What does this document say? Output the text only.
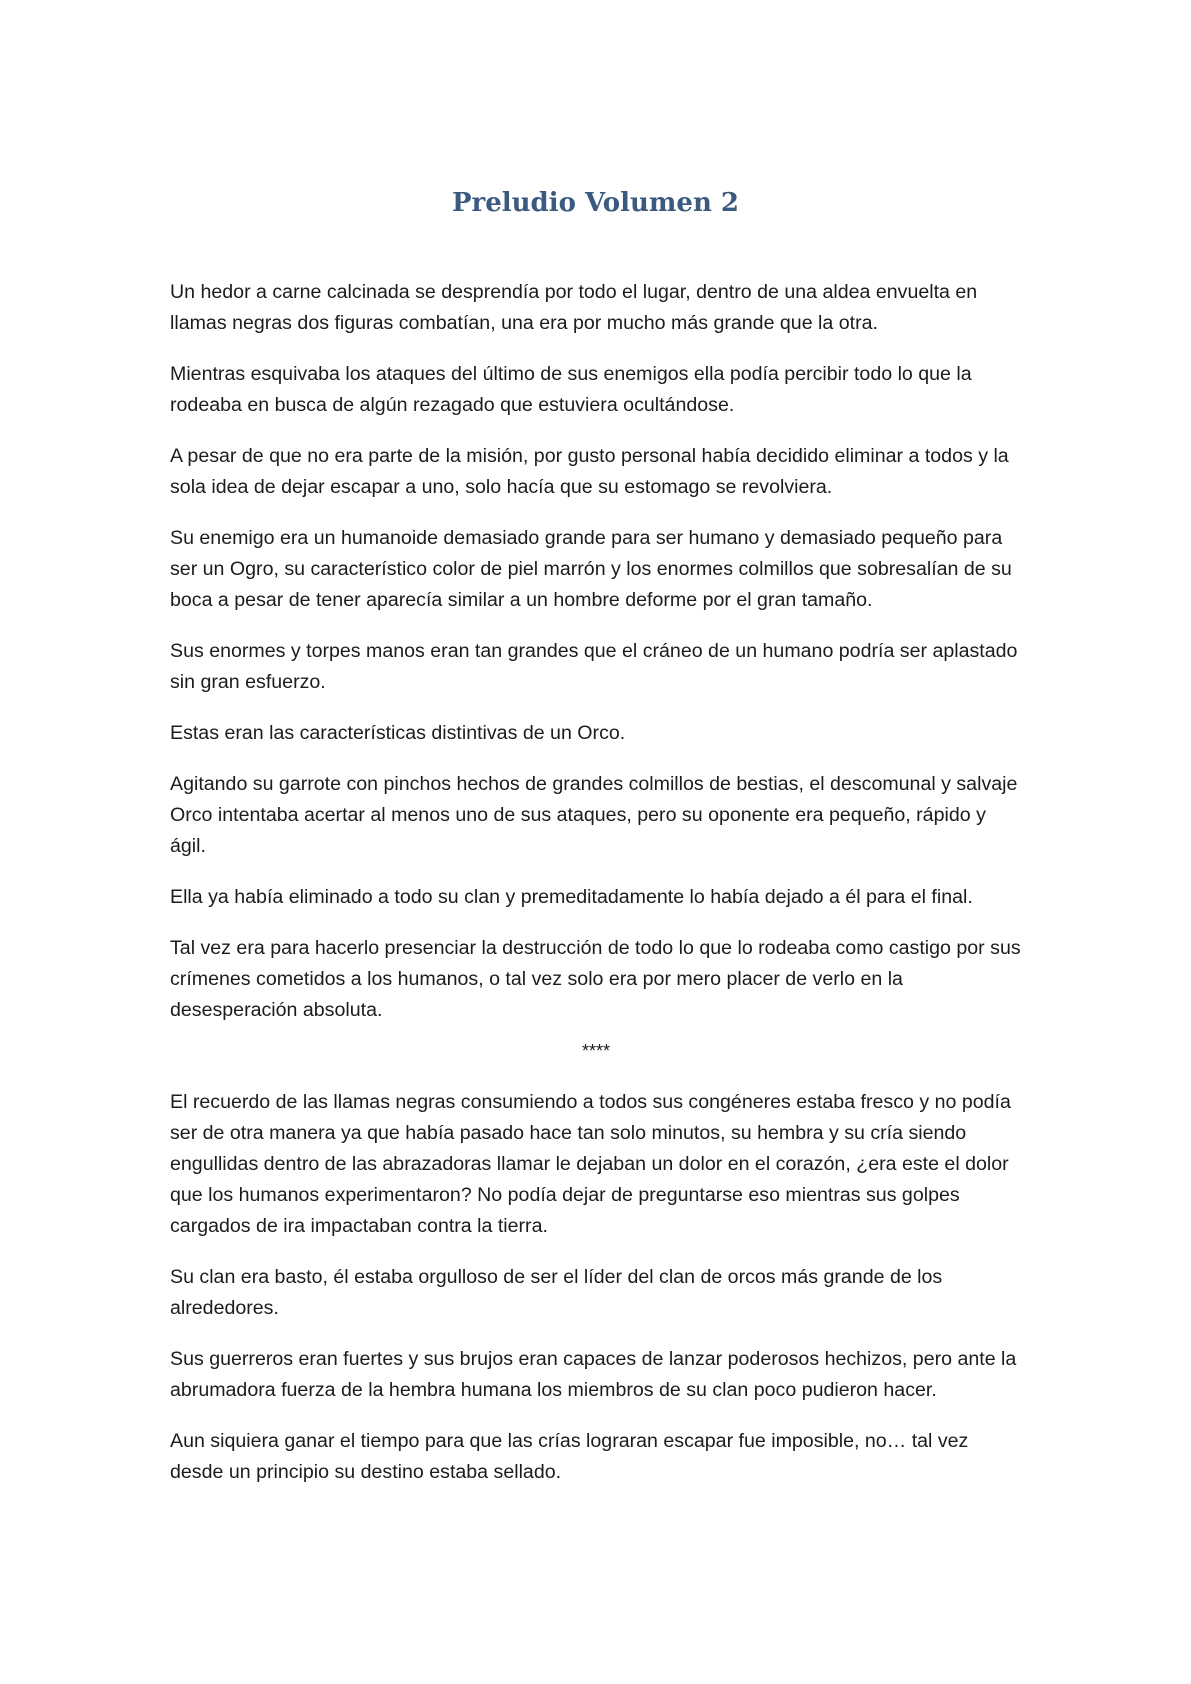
Preludio Volumen 2

Un hedor a carne calcinada se desprendía por todo el lugar, dentro de una aldea envuelta en llamas negras dos figuras combatían, una era por mucho más grande que la otra.

Mientras esquivaba los ataques del último de sus enemigos ella podía percibir todo lo que la rodeaba en busca de algún rezagado que estuviera ocultándose.

A pesar de que no era parte de la misión, por gusto personal había decidido eliminar a todos y la sola idea de dejar escapar a uno, solo hacía que su estomago se revolviera.

Su enemigo era un humanoide demasiado grande para ser humano y demasiado pequeño para ser un Ogro, su característico color de piel marrón y los enormes colmillos que sobresalían de su boca a pesar de tener aparecía similar a un hombre deforme por el gran tamaño.

Sus enormes y torpes manos eran tan grandes que el cráneo de un humano podría ser aplastado sin gran esfuerzo.

Estas eran las características distintivas de un Orco.

Agitando su garrote con pinchos hechos de grandes colmillos de bestias, el descomunal y salvaje Orco intentaba acertar al menos uno de sus ataques, pero su oponente era pequeño, rápido y ágil.

Ella ya había eliminado a todo su clan y premeditadamente lo había dejado a él para el final.

Tal vez era para hacerlo presenciar la destrucción de todo lo que lo rodeaba como castigo por sus crímenes cometidos a los humanos, o tal vez solo era por mero placer de verlo en la desesperación absoluta.

****

El recuerdo de las llamas negras consumiendo a todos sus congéneres estaba fresco y no podía ser de otra manera ya que había pasado hace tan solo minutos, su hembra y su cría siendo engullidas dentro de las abrazadoras llamar le dejaban un dolor en el corazón, ¿era este el dolor que los humanos experimentaron? No podía dejar de preguntarse eso mientras sus golpes cargados de ira impactaban contra la tierra.

Su clan era basto, él estaba orgulloso de ser el líder del clan de orcos más grande de los alrededores.

Sus guerreros eran fuertes y sus brujos eran capaces de lanzar poderosos hechizos, pero ante la abrumadora fuerza de la hembra humana los miembros de su clan poco pudieron hacer.

Aun siquiera ganar el tiempo para que las crías lograran escapar fue imposible, no… tal vez desde un principio su destino estaba sellado.
